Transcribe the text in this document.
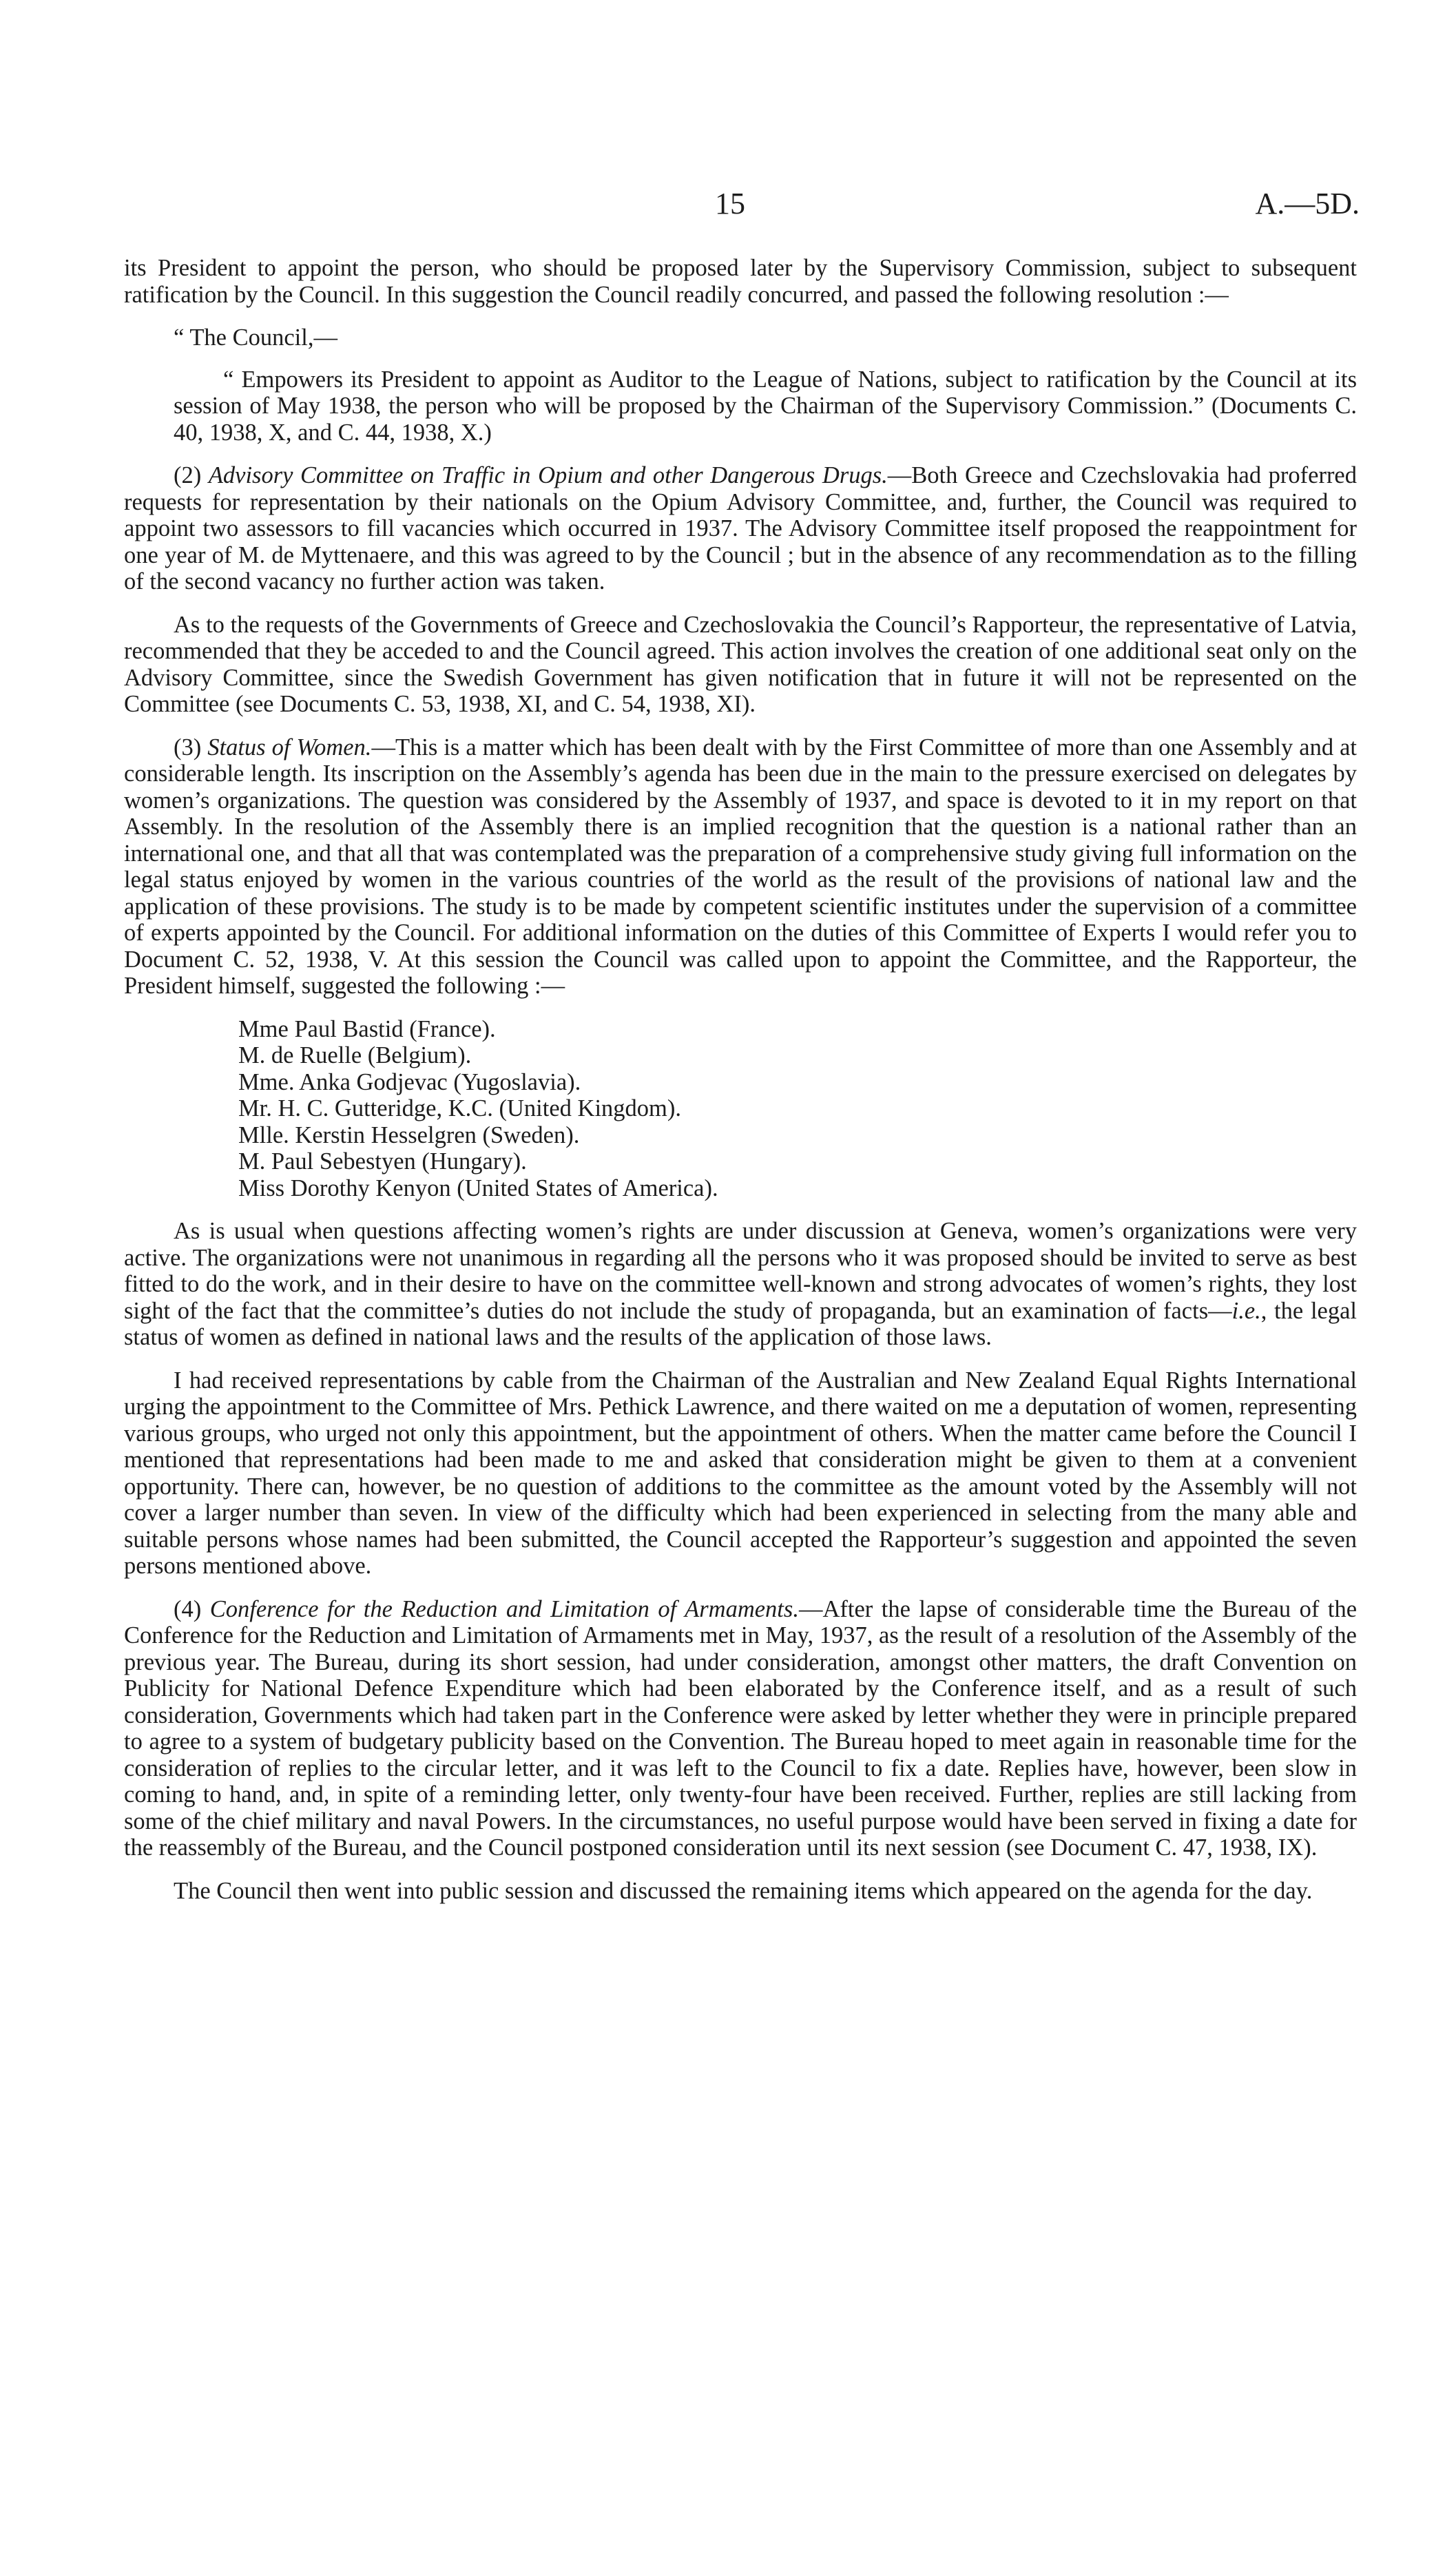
15	A.—5D.

its President to appoint the person, who should be proposed later by the Supervisory Commission, subject to subsequent ratification by the Council. In this suggestion the Council readily concurred, and passed the following resolution :—

“ The Council,—

“ Empowers its President to appoint as Auditor to the League of Nations, subject to ratification by the Council at its session of May 1938, the person who will be proposed by the Chairman of the Supervisory Commission.” (Documents C. 40, 1938, X, and C. 44, 1938, X.)

(2) Advisory Committee on Traffic in Opium and other Dangerous Drugs.—Both Greece and Czechslovakia had proferred requests for representation by their nationals on the Opium Advisory Committee, and, further, the Council was required to appoint two assessors to fill vacancies which occurred in 1937. The Advisory Committee itself proposed the reappointment for one year of M. de Myttenaere, and this was agreed to by the Council ; but in the absence of any recommendation as to the filling of the second vacancy no further action was taken.

As to the requests of the Governments of Greece and Czechoslovakia the Council’s Rapporteur, the representative of Latvia, recommended that they be acceded to and the Council agreed. This action involves the creation of one additional seat only on the Advisory Committee, since the Swedish Government has given notification that in future it will not be represented on the Committee (see Documents C. 53, 1938, XI, and C. 54, 1938, XI).

(3) Status of Women.—This is a matter which has been dealt with by the First Committee of more than one Assembly and at considerable length. Its inscription on the Assembly’s agenda has been due in the main to the pressure exercised on delegates by women’s organizations. The question was considered by the Assembly of 1937, and space is devoted to it in my report on that Assembly. In the resolution of the Assembly there is an implied recognition that the question is a national rather than an international one, and that all that was contemplated was the preparation of a comprehensive study giving full information on the legal status enjoyed by women in the various countries of the world as the result of the provisions of national law and the application of these provisions. The study is to be made by competent scientific institutes under the supervision of a committee of experts appointed by the Council. For additional information on the duties of this Committee of Experts I would refer you to Document C. 52, 1938, V. At this session the Council was called upon to appoint the Committee, and the Rapporteur, the President himself, suggested the following :—

Mme Paul Bastid (France).
M. de Ruelle (Belgium).
Mme. Anka Godjevac (Yugoslavia).
Mr. H. C. Gutteridge, K.C. (United Kingdom).
Mlle. Kerstin Hesselgren (Sweden).
M. Paul Sebestyen (Hungary).
Miss Dorothy Kenyon (United States of America).

As is usual when questions affecting women’s rights are under discussion at Geneva, women’s organizations were very active. The organizations were not unanimous in regarding all the persons who it was proposed should be invited to serve as best fitted to do the work, and in their desire to have on the committee well-known and strong advocates of women’s rights, they lost sight of the fact that the committee’s duties do not include the study of propaganda, but an examination of facts—i.e., the legal status of women as defined in national laws and the results of the application of those laws.

I had received representations by cable from the Chairman of the Australian and New Zealand Equal Rights International urging the appointment to the Committee of Mrs. Pethick Lawrence, and there waited on me a deputation of women, representing various groups, who urged not only this appointment, but the appointment of others. When the matter came before the Council I mentioned that representations had been made to me and asked that consideration might be given to them at a convenient opportunity. There can, however, be no question of additions to the committee as the amount voted by the Assembly will not cover a larger number than seven. In view of the difficulty which had been experienced in selecting from the many able and suitable persons whose names had been submitted, the Council accepted the Rapporteur’s suggestion and appointed the seven persons mentioned above.

(4) Conference for the Reduction and Limitation of Armaments.—After the lapse of considerable time the Bureau of the Conference for the Reduction and Limitation of Armaments met in May, 1937, as the result of a resolution of the Assembly of the previous year. The Bureau, during its short session, had under consideration, amongst other matters, the draft Convention on Publicity for National Defence Expenditure which had been elaborated by the Conference itself, and as a result of such consideration, Governments which had taken part in the Conference were asked by letter whether they were in principle prepared to agree to a system of budgetary publicity based on the Convention. The Bureau hoped to meet again in reasonable time for the consideration of replies to the circular letter, and it was left to the Council to fix a date. Replies have, however, been slow in coming to hand, and, in spite of a reminding letter, only twenty-four have been received. Further, replies are still lacking from some of the chief military and naval Powers. In the circumstances, no useful purpose would have been served in fixing a date for the reassembly of the Bureau, and the Council postponed consideration until its next session (see Document C. 47, 1938, IX).

The Council then went into public session and discussed the remaining items which appeared on the agenda for the day.
